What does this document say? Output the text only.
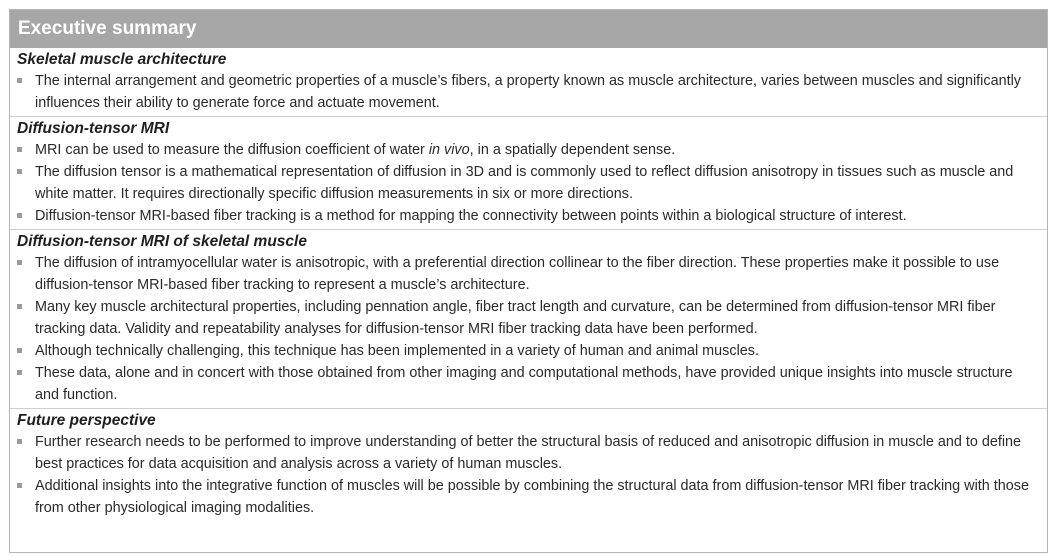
Executive summary
Skeletal muscle architecture
The internal arrangement and geometric properties of a muscle’s fibers, a property known as muscle architecture, varies between muscles and significantly influences their ability to generate force and actuate movement.
Diffusion-tensor MRI
MRI can be used to measure the diffusion coefficient of water in vivo, in a spatially dependent sense.
The diffusion tensor is a mathematical representation of diffusion in 3D and is commonly used to reflect diffusion anisotropy in tissues such as muscle and white matter. It requires directionally specific diffusion measurements in six or more directions.
Diffusion-tensor MRI-based fiber tracking is a method for mapping the connectivity between points within a biological structure of interest.
Diffusion-tensor MRI of skeletal muscle
The diffusion of intramyocellular water is anisotropic, with a preferential direction collinear to the fiber direction. These properties make it possible to use diffusion-tensor MRI-based fiber tracking to represent a muscle’s architecture.
Many key muscle architectural properties, including pennation angle, fiber tract length and curvature, can be determined from diffusion-tensor MRI fiber tracking data. Validity and repeatability analyses for diffusion-tensor MRI fiber tracking data have been performed.
Although technically challenging, this technique has been implemented in a variety of human and animal muscles.
These data, alone and in concert with those obtained from other imaging and computational methods, have provided unique insights into muscle structure and function.
Future perspective
Further research needs to be performed to improve understanding of better the structural basis of reduced and anisotropic diffusion in muscle and to define best practices for data acquisition and analysis across a variety of human muscles.
Additional insights into the integrative function of muscles will be possible by combining the structural data from diffusion-tensor MRI fiber tracking with those from other physiological imaging modalities.
